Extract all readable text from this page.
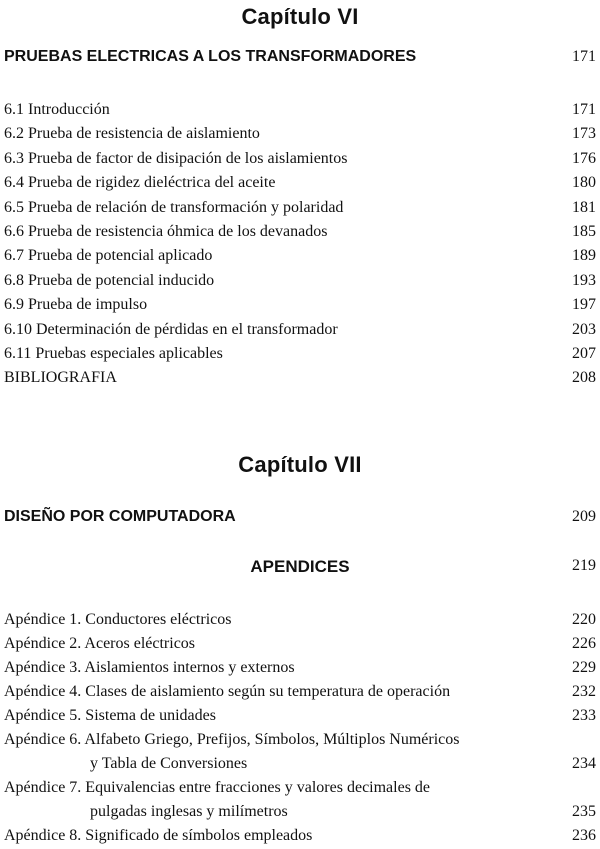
Capítulo VI
PRUEBAS ELECTRICAS A LOS TRANSFORMADORES	171
6.1 Introducción	171
6.2 Prueba de resistencia de aislamiento	173
6.3 Prueba de factor de disipación de los aislamientos	176
6.4 Prueba de rigidez dieléctrica del aceite	180
6.5 Prueba de relación de transformación y polaridad	181
6.6 Prueba de resistencia óhmica de los devanados	185
6.7 Prueba de potencial aplicado	189
6.8 Prueba de potencial inducido	193
6.9 Prueba de impulso	197
6.10 Determinación de pérdidas en el transformador	203
6.11 Pruebas especiales aplicables	207
BIBLIOGRAFIA	208
Capítulo VII
DISEÑO POR COMPUTADORA	209
APENDICES	219
Apéndice 1. Conductores eléctricos	220
Apéndice 2. Aceros eléctricos	226
Apéndice 3. Aislamientos internos y externos	229
Apéndice 4. Clases de aislamiento según su temperatura de operación	232
Apéndice 5. Sistema de unidades	233
Apéndice 6. Alfabeto Griego, Prefijos, Símbolos, Múltiplos Numéricos
y Tabla de Conversiones	234
Apéndice 7. Equivalencias entre fracciones y valores decimales de
pulgadas inglesas y milímetros	235
Apéndice 8. Significado de símbolos empleados	236
